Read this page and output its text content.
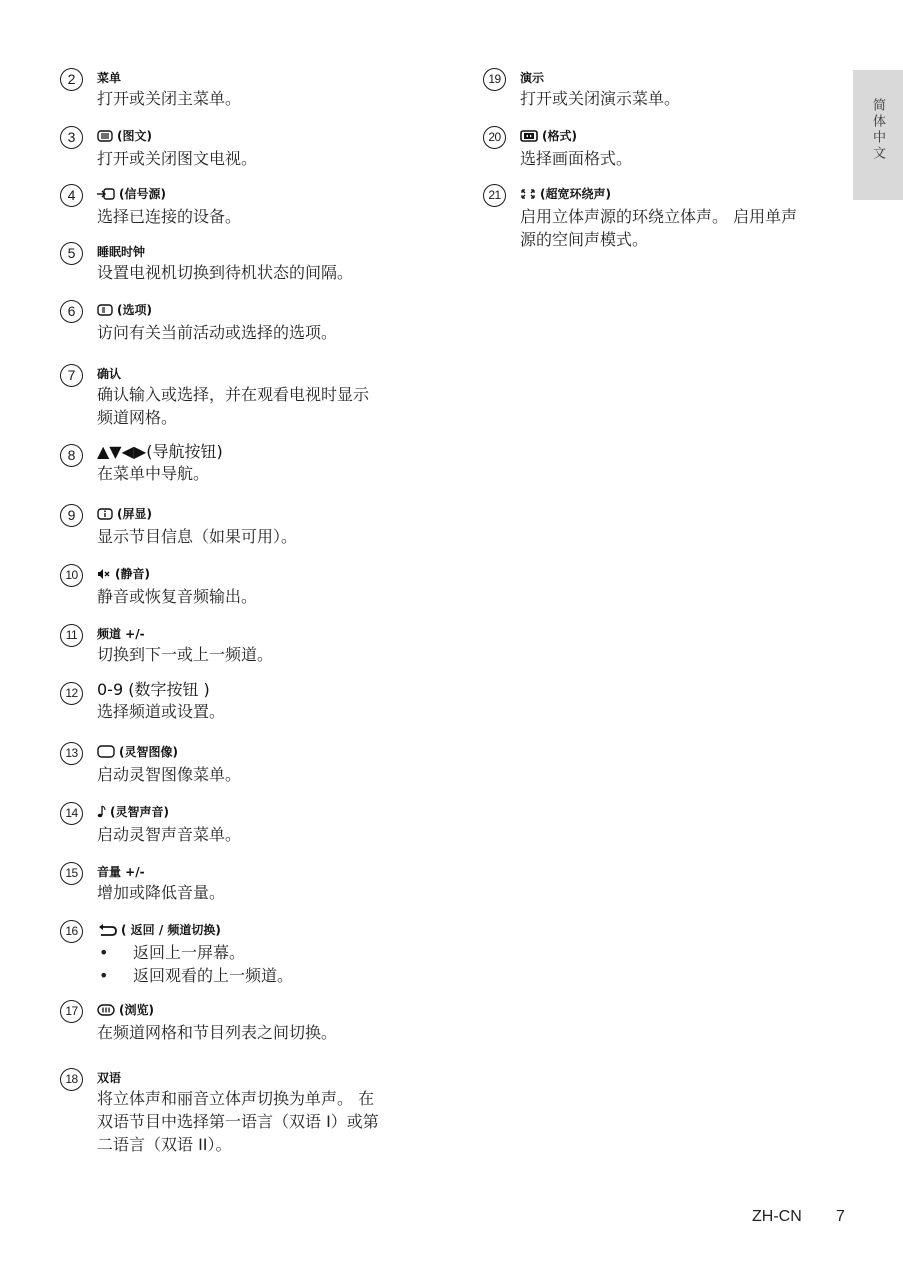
简体中文
2	菜单
打开或关闭主菜单。
3	(图文)
打开或关闭图文电视。
4	(信号源)
选择已连接的设备。
5	睡眠时钟
设置电视机切换到待机状态的间隔。
6	(选项)
访问有关当前活动或选择的选项。
7	确认
确认输入或选择，并在观看电视时显示
频道网格。
8	▲▼◀▶(导航按钮)
在菜单中导航。
9	(屏显)
显示节目信息（如果可用）。
10	(静音)
静音或恢复音频输出。
11	频道 +/-
切换到下一或上一频道。
12	0-9 (数字按钮 )
选择频道或设置。
13	(灵智图像)
启动灵智图像菜单。
14	(灵智声音)
启动灵智声音菜单。
15	音量 +/-
增加或降低音量。
16	( 返回 / 频道切换)
• 返回上一屏幕。
• 返回观看的上一频道。
17	(浏览)
在频道网格和节目列表之间切换。
18	双语
将立体声和丽音立体声切换为单声。 在
双语节目中选择第一语言（双语 I）或第
二语言（双语 II）。
19	演示
打开或关闭演示菜单。
20	(格式)
选择画面格式。
21	(超宽环绕声)
启用立体声源的环绕立体声。 启用单声
源的空间声模式。
ZH-CN 7
